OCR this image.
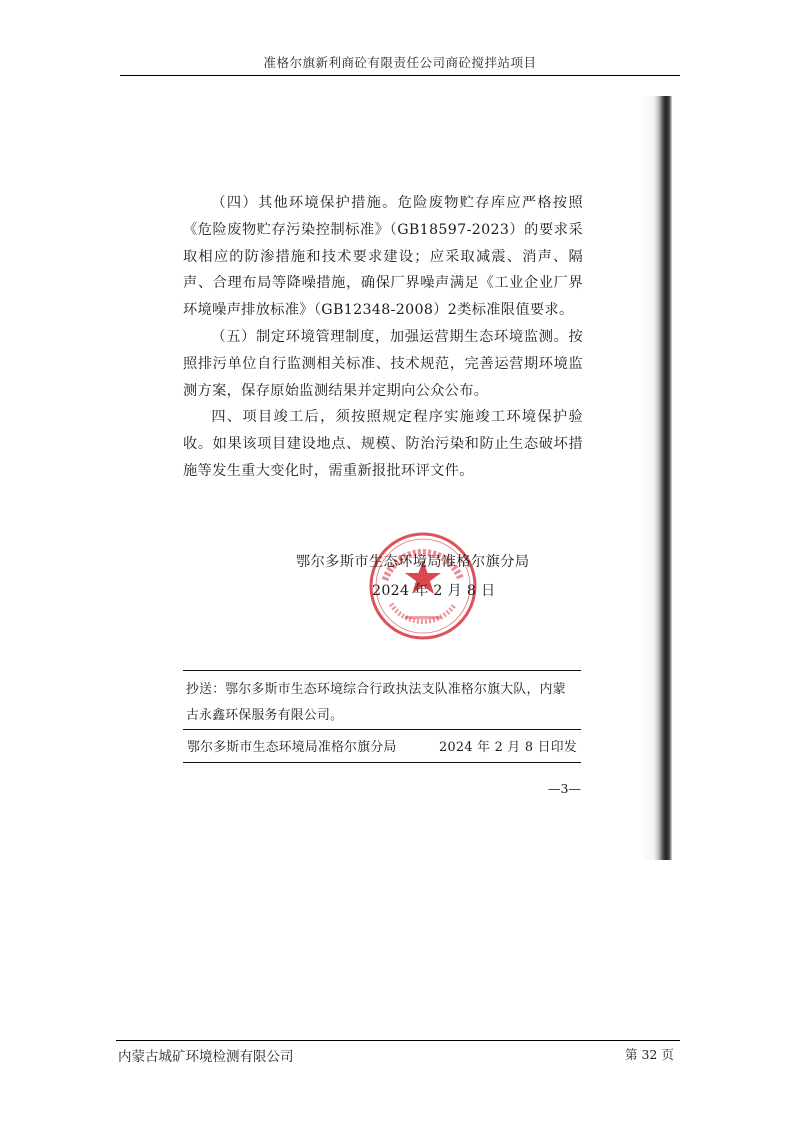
准格尔旗新利商砼有限责任公司商砼搅拌站项目

（四）其他环境保护措施。危险废物贮存库应严格按照《危险废物贮存污染控制标准》（GB18597-2023）的要求采取相应的防渗措施和技术要求建设；应采取减震、消声、隔声、合理布局等降噪措施，确保厂界噪声满足《工业企业厂界环境噪声排放标准》（GB12348-2008）2类标准限值要求。

（五）制定环境管理制度，加强运营期生态环境监测。按照排污单位自行监测相关标准、技术规范，完善运营期环境监测方案，保存原始监测结果并定期向公众公布。

四、项目竣工后，须按照规定程序实施竣工环境保护验收。如果该项目建设地点、规模、防治污染和防止生态破坏措施等发生重大变化时，需重新报批环评文件。

鄂尔多斯市生态环境局准格尔旗分局
2024 年 2 月 8 日
抄送：鄂尔多斯市生态环境综合行政执法支队准格尔旗大队，内蒙古永鑫环保服务有限公司。
鄂尔多斯市生态环境局准格尔旗分局	2024 年 2 月 8 日印发
—3—
内蒙古城矿环境检测有限公司	第 32 页
